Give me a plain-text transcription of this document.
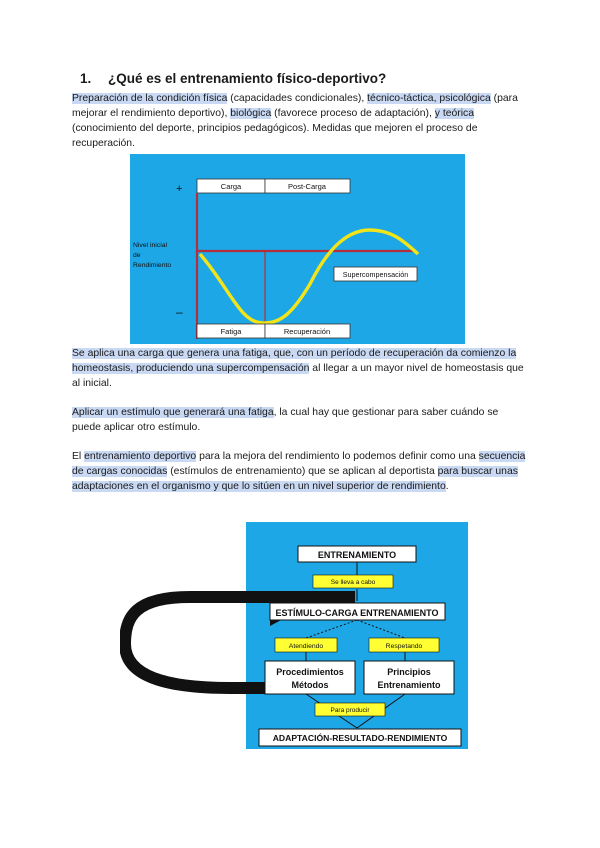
1. ¿Qué es el entrenamiento físico-deportivo?
Preparación de la condición física (capacidades condicionales), técnico-táctica, psicológica (para mejorar el rendimiento deportivo), biológica (favorece proceso de adaptación), y teórica (conocimiento del deporte, principios pedagógicos). Medidas que mejoren el proceso de recuperación.
+
–
Carga	Post-Carga
Nivel inicial
de
Rendimiento
Supercompensación
Fatiga	Recuperación
Se aplica una carga que genera una fatiga, que, con un período de recuperación da comienzo la homeostasis, produciendo una supercompensación al llegar a un mayor nivel de homeostasis que al inicial.
Aplicar un estímulo que generará una fatiga, la cual hay que gestionar para saber cuándo se puede aplicar otro estímulo.
El entrenamiento deportivo para la mejora del rendimiento lo podemos definir como una secuencia de cargas conocidas (estímulos de entrenamiento) que se aplican al deportista para buscar unas adaptaciones en el organismo y que lo sitúen en un nivel superior de rendimiento.
ENTRENAMIENTO
Se lleva a cabo
ESTÍMULO-CARGA ENTRENAMIENTO
Atendiendo	Respetando
Procedimientos
Métodos
Principios
Entrenamiento
Para producir
ADAPTACIÓN-RESULTADO-RENDIMIENTO
